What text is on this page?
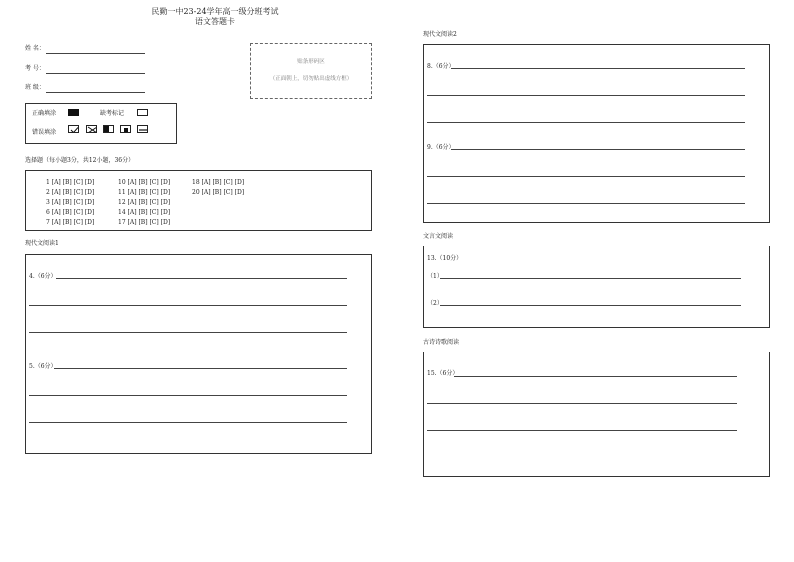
民勤一中23-24学年高一级分班考试
语文答题卡
姓 名：
考 号：
班 级：
贴条形码区
（正面朝上，切勿贴出虚线方框）
正确填涂	缺考标记
错误填涂
选择题（每小题3分，共12小题，36分）
1 [A] [B] [C] [D]
2 [A] [B] [C] [D]
3 [A] [B] [C] [D]
6 [A] [B] [C] [D]
7 [A] [B] [C] [D]
10 [A] [B] [C] [D]
11 [A] [B] [C] [D]
12 [A] [B] [C] [D]
14 [A] [B] [C] [D]
17 [A] [B] [C] [D]
18 [A] [B] [C] [D]
20 [A] [B] [C] [D]
现代文阅读1
4.（6分）
5.（6分）
现代文阅读2
8.（6分）
9.（6分）
文言文阅读
13.（10分）
（1）
（2）
古诗诗歌阅读
15.（6分）
